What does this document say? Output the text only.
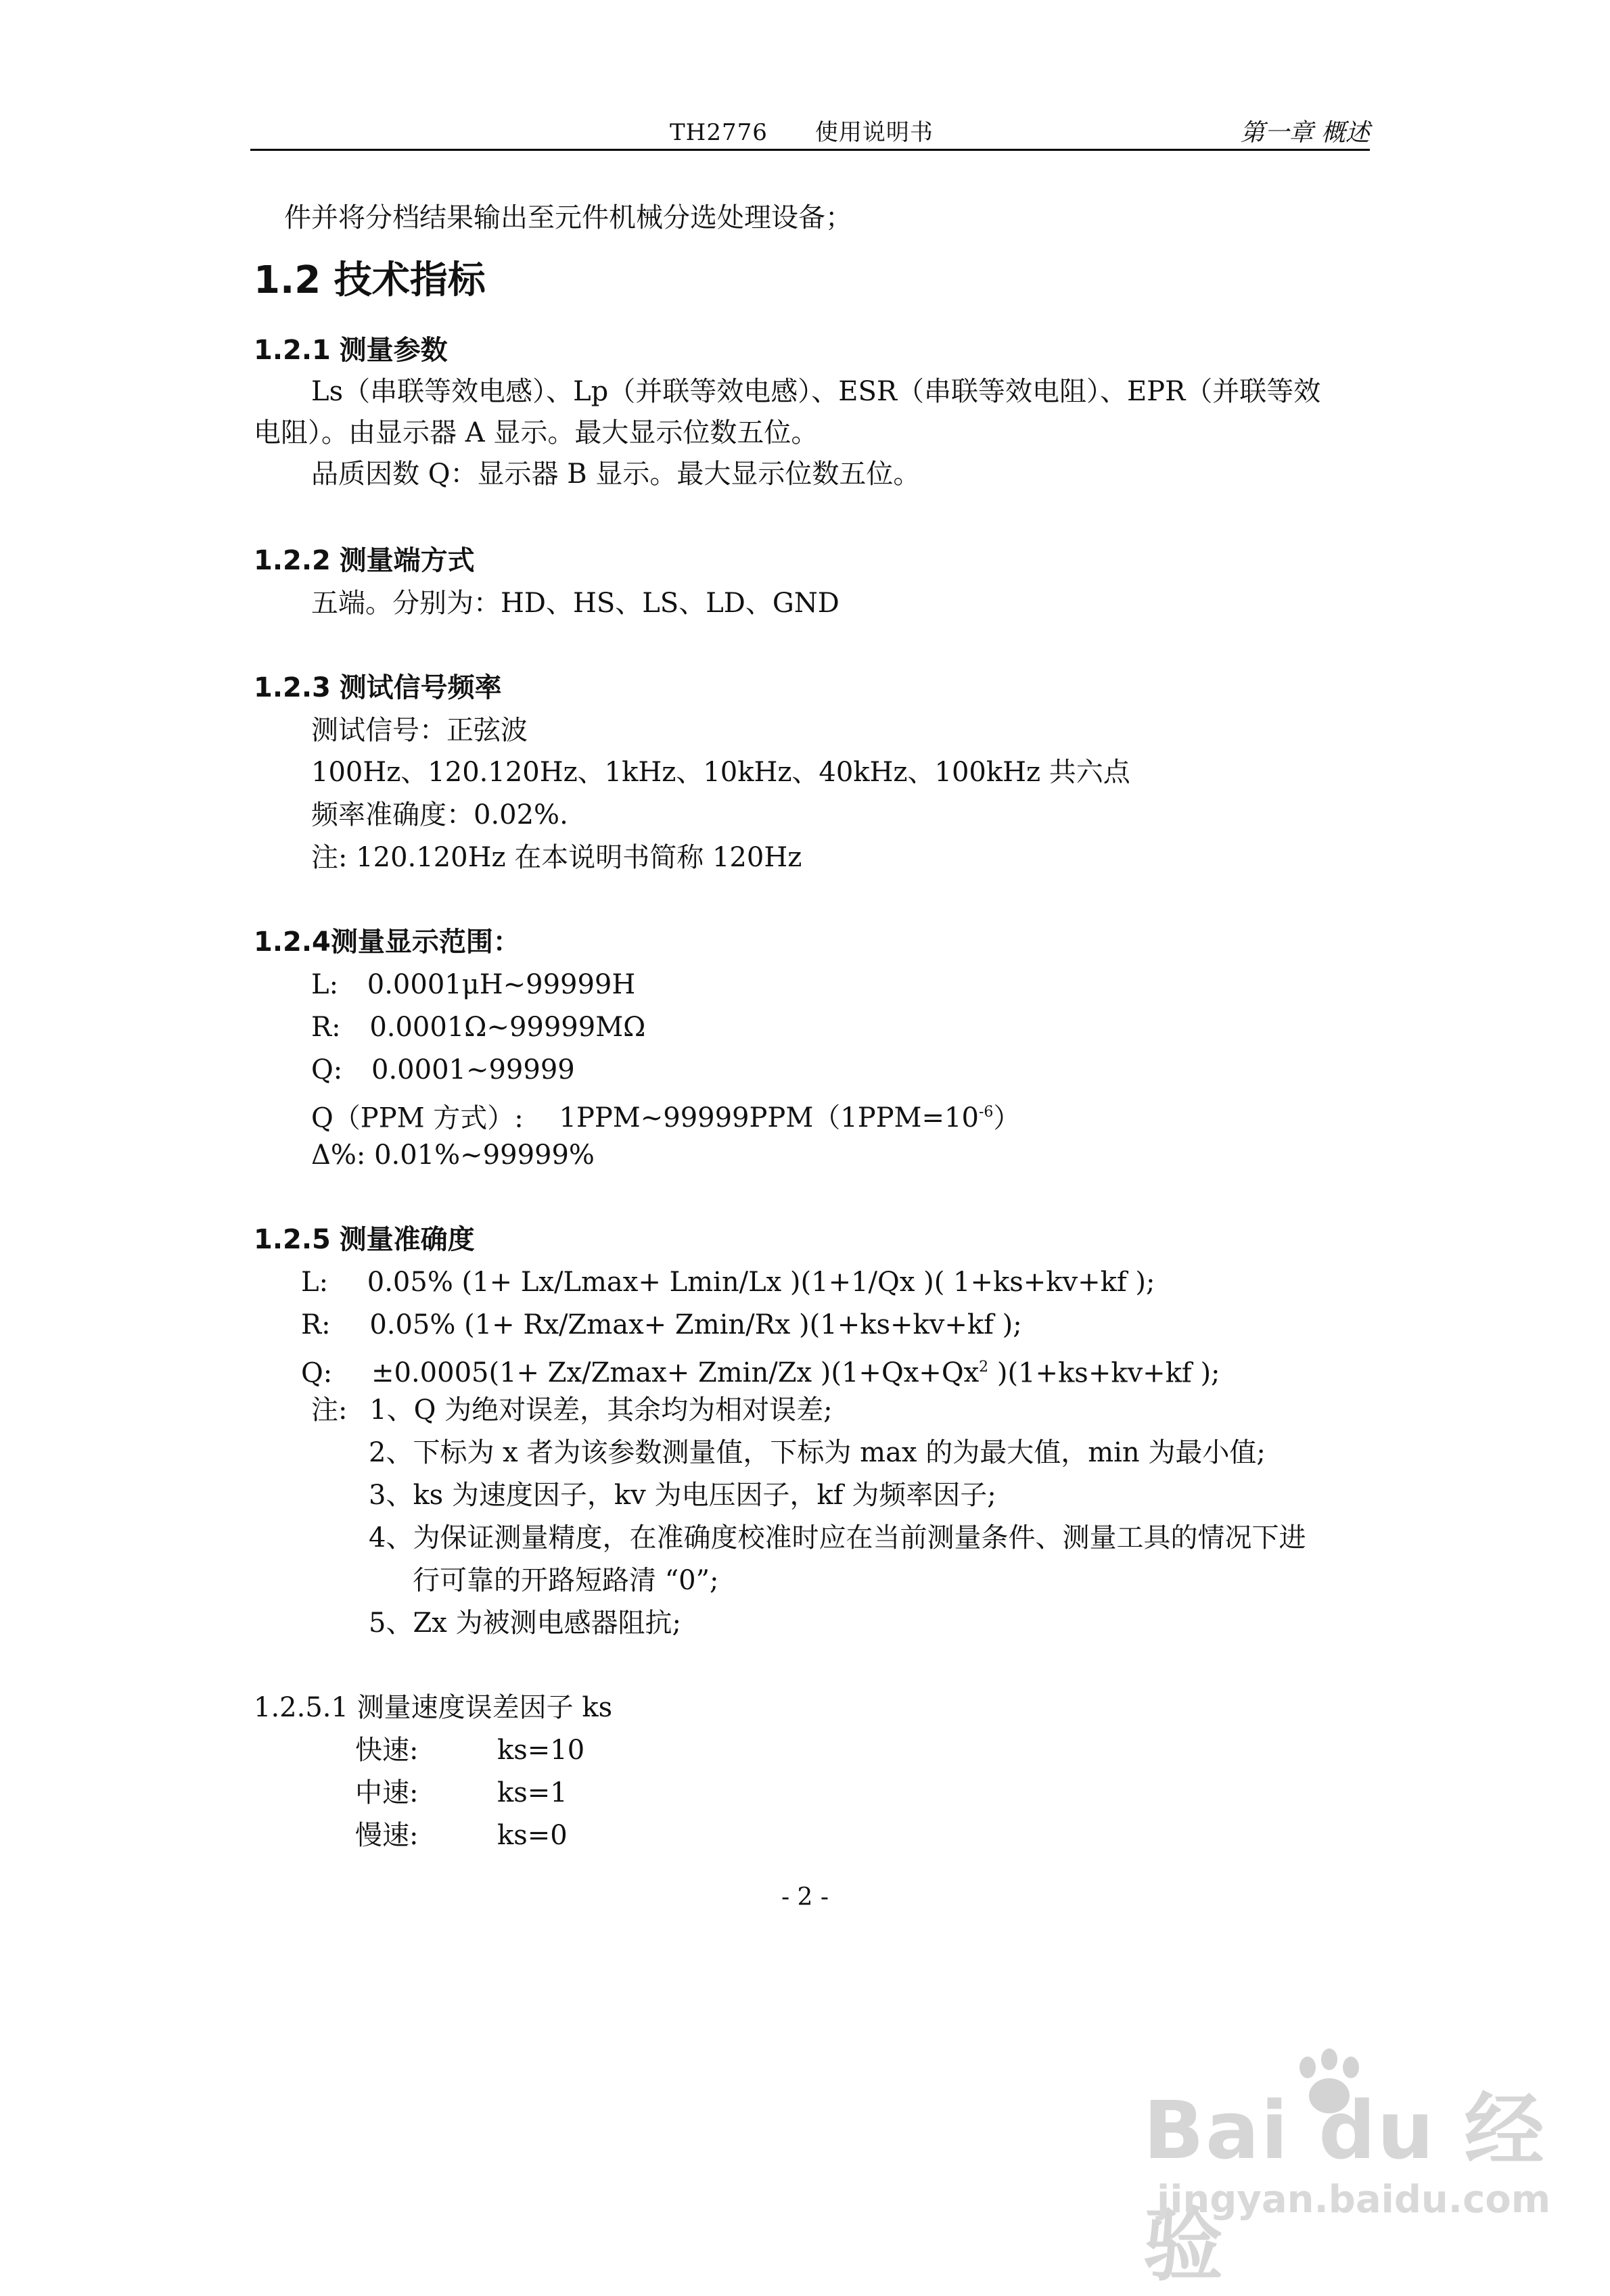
TH2776 使用说明书	第一章 概述
件并将分档结果输出至元件机械分选处理设备；
1.2 技术指标
1.2.1 测量参数
Ls（串联等效电感）、Lp（并联等效电感）、ESR（串联等效电阻）、EPR（并联等效
电阻）。由显示器 A 显示。最大显示位数五位。
品质因数 Q：显示器 B 显示。最大显示位数五位。
1.2.2 测量端方式
五端。分别为：HD、HS、LS、LD、GND
1.2.3 测试信号频率
测试信号：正弦波
100Hz、120.120Hz、1kHz、10kHz、40kHz、100kHz 共六点
频率准确度：0.02%.
注: 120.120Hz 在本说明书简称 120Hz
1.2.4测量显示范围：
L: 0.0001μH~99999H
R: 0.0001Ω~99999MΩ
Q: 0.0001~99999
Q（PPM 方式）: $1PPM\sim 99999PPM(1PPM=10^{-6})$
Δ%: 0.01%~99999%
1.2.5 测量准确度
L: 0.05% (1+ Lx/Lmax+ Lmin/Lx )(1+1/Qx )( 1+ks+kv+kf );
R: 0.05% (1+ Rx/Zmax+ Zmin/Rx )(1+ks+kv+kf );
Q: ±0.0005(1+ Zx/Zmax+ Zmin/Zx )($1+Qx+Qx^2$ )(1+ks+kv+kf );
注: 1、Q 为绝对误差，其余均为相对误差;
2、下标为 x 者为该参数测量值，下标为 max 的为最大值，min 为最小值;
3、ks 为速度因子，kv 为电压因子，kf 为频率因子;
4、为保证测量精度，在准确度校准时应在当前测量条件、测量工具的情况下进
行可靠的开路短路清 “0”;
5、Zx 为被测电感器阻抗;
1.2.5.1 测量速度误差因子 ks
快速:	ks=10
中速:	ks=1
慢速:	ks=0
- 2 -
Bai du 经验
jingyan.baidu.com
